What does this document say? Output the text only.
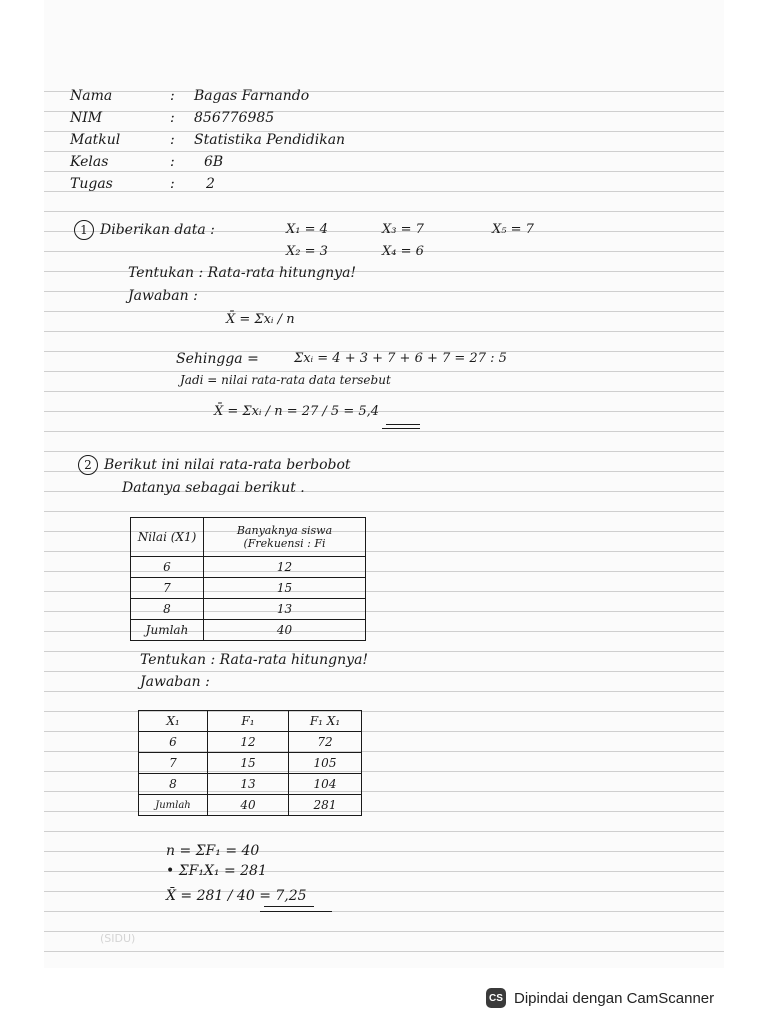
Nama	: Bagas Farnando
NIM	: 856776985
Matkul	: Statistika Pendidikan
Kelas	: 6B
Tugas	: 2
1 Diberikan data :	X₁ = 4	X₃ = 7	X₅ = 7
X₂ = 3	X₄ = 6
Tentukan : Rata-rata hitungnya!
Jawaban :
X̄ = Σxᵢ / n
Sehingga =	Σxᵢ = 4 + 3 + 7 + 6 + 7 = 27 : 5
Jadi = nilai rata-rata data tersebut
X̄ = Σxᵢ / n = 27 / 5 = 5,4
2 Berikut ini nilai rata-rata berbobot
Datanya sebagai berikut .
Nilai (X1)	Banyaknya siswa (Frekuensi : Fi
6	12
7	15
8	13
Jumlah	40
Tentukan : Rata-rata hitungnya!
Jawaban :
X₁	F₁	F₁ X₁
6	12	72
7	15	105
8	13	104
Jumlah	40	281
n = ΣF₁ = 40
• ΣF₁X₁ = 281
X̄ = 281 / 40 = 7,25
(SIDU)
CS Dipindai dengan CamScanner
